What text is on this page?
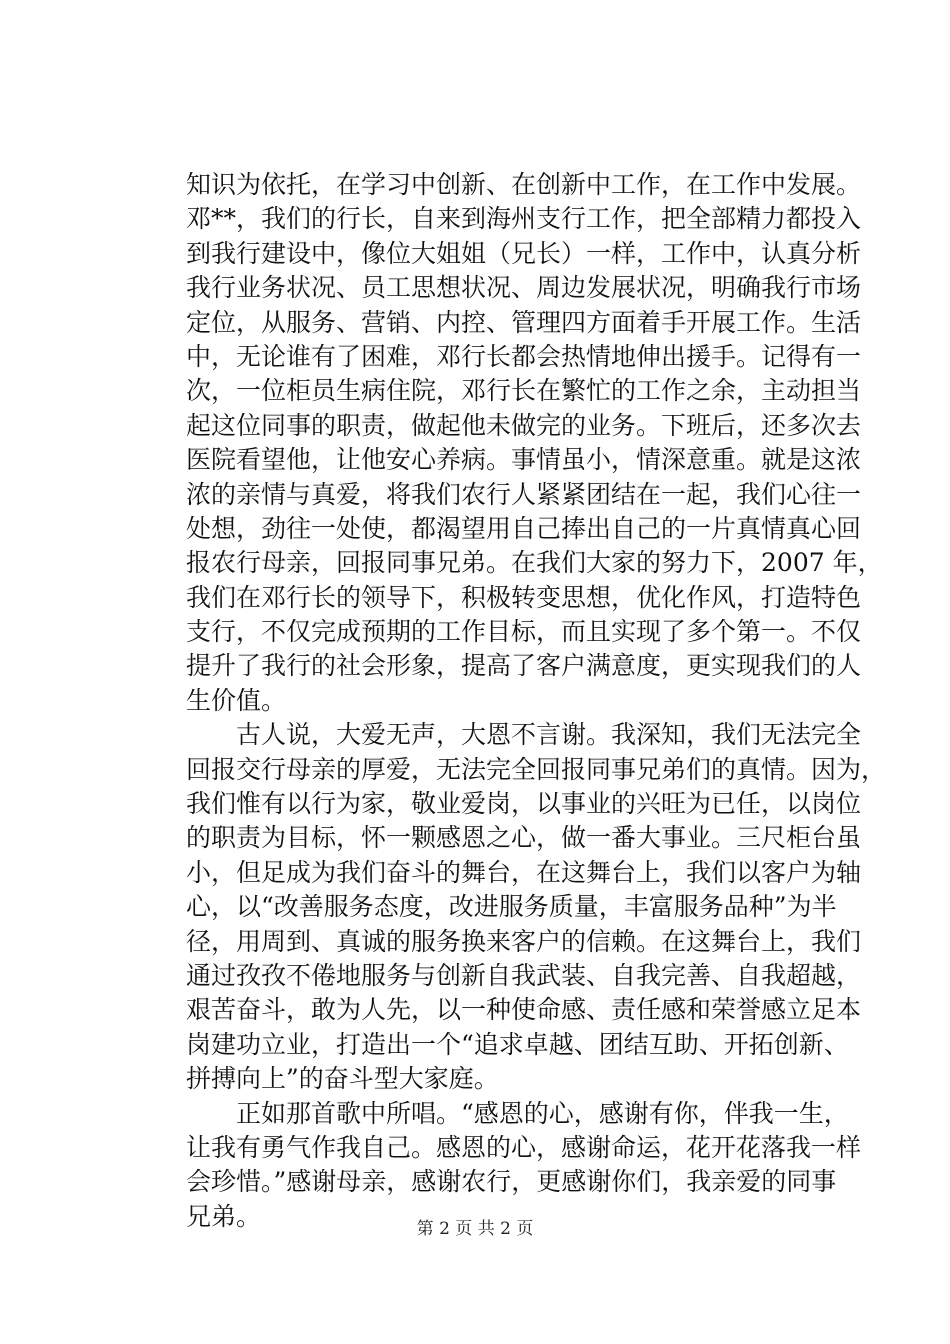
知识为依托，在学习中创新、在创新中工作，在工作中发展。
邓**，我们的行长，自来到海州支行工作，把全部精力都投入
到我行建设中，像位大姐姐（兄长）一样，工作中，认真分析
我行业务状况、员工思想状况、周边发展状况，明确我行市场
定位，从服务、营销、内控、管理四方面着手开展工作。生活
中，无论谁有了困难，邓行长都会热情地伸出援手。记得有一
次，一位柜员生病住院，邓行长在繁忙的工作之余，主动担当
起这位同事的职责，做起他未做完的业务。下班后，还多次去
医院看望他，让他安心养病。事情虽小，情深意重。就是这浓
浓的亲情与真爱，将我们农行人紧紧团结在一起，我们心往一
处想，劲往一处使，都渴望用自己捧出自己的一片真情真心回
报农行母亲，回报同事兄弟。在我们大家的努力下，2007 年，
我们在邓行长的领导下，积极转变思想，优化作风，打造特色
支行，不仅完成预期的工作目标，而且实现了多个第一。不仅
提升了我行的社会形象，提高了客户满意度，更实现我们的人
生价值。
　　古人说，大爱无声，大恩不言谢。我深知，我们无法完全
回报交行母亲的厚爱，无法完全回报同事兄弟们的真情。因为，
我们惟有以行为家，敬业爱岗，以事业的兴旺为已任，以岗位
的职责为目标，怀一颗感恩之心，做一番大事业。三尺柜台虽
小，但足成为我们奋斗的舞台，在这舞台上，我们以客户为轴
心，以“改善服务态度，改进服务质量，丰富服务品种”为半
径，用周到、真诚的服务换来客户的信赖。在这舞台上，我们
通过孜孜不倦地服务与创新自我武装、自我完善、自我超越，
艰苦奋斗，敢为人先，以一种使命感、责任感和荣誉感立足本
岗建功立业，打造出一个“追求卓越、团结互助、开拓创新、
拼搏向上”的奋斗型大家庭。
　　正如那首歌中所唱。“感恩的心，感谢有你，伴我一生，
让我有勇气作我自己。感恩的心，感谢命运，花开花落我一样
会珍惜。”感谢母亲，感谢农行，更感谢你们，我亲爱的同事
兄弟。	第 2 页 共 2 页
